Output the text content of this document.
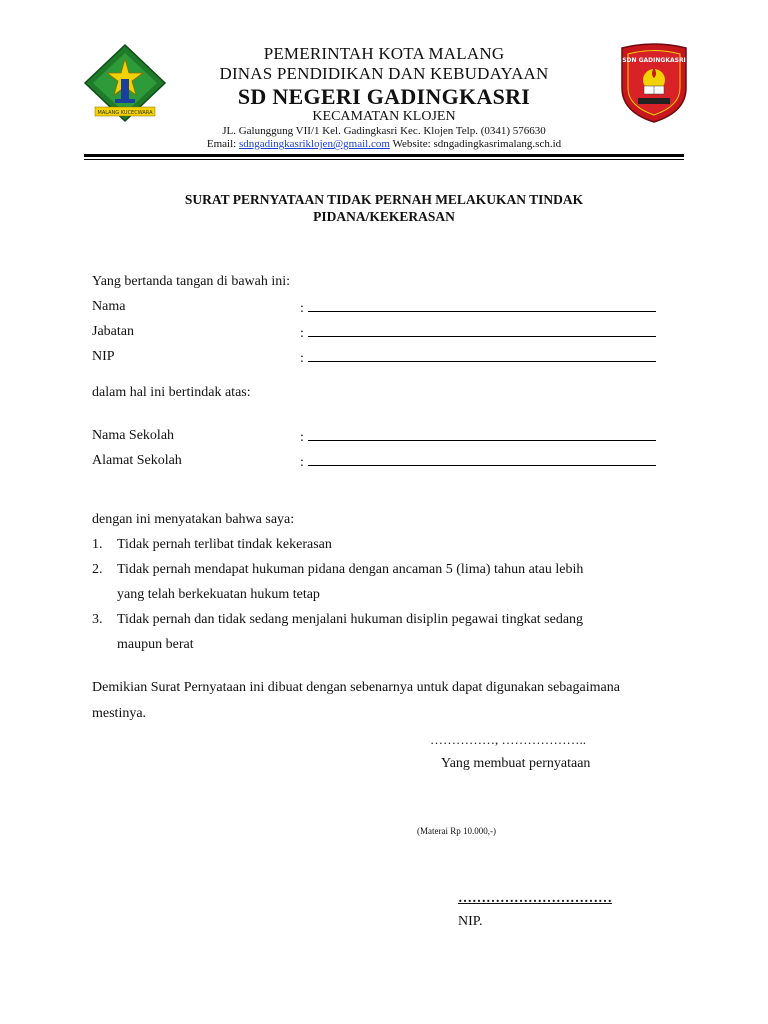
MALANG KUCECWARA
SDN GADINGKASRI
PEMERINTAH KOTA MALANG
DINAS PENDIDIKAN DAN KEBUDAYAAN
SD NEGERI GADINGKASRI
KECAMATAN KLOJEN
JL. Galunggung VII/1 Kel. Gadingkasri Kec. Klojen Telp. (0341) 576630
Email: sdngadingkasriklojen@gmail.com Website: sdngadingkasrimalang.sch.id
SURAT PERNYATAAN TIDAK PERNAH MELAKUKAN TINDAK
PIDANA/KEKERASAN
Yang bertanda tangan di bawah ini:
Nama	:
Jabatan	:
NIP	:
dalam hal ini bertindak atas:
Nama Sekolah	:
Alamat Sekolah	:
dengan ini menyatakan bahwa saya:
1. Tidak pernah terlibat tindak kekerasan
2. Tidak pernah mendapat hukuman pidana dengan ancaman 5 (lima) tahun atau lebih
yang telah berkekuatan hukum tetap
3. Tidak pernah dan tidak sedang menjalani hukuman disiplin pegawai tingkat sedang
maupun berat
Demikian Surat Pernyataan ini dibuat dengan sebenarnya untuk dapat digunakan sebagaimana
mestinya.
……………, ………………..
Yang membuat pernyataan
(Materai Rp 10.000,-)
……………………………
NIP.
